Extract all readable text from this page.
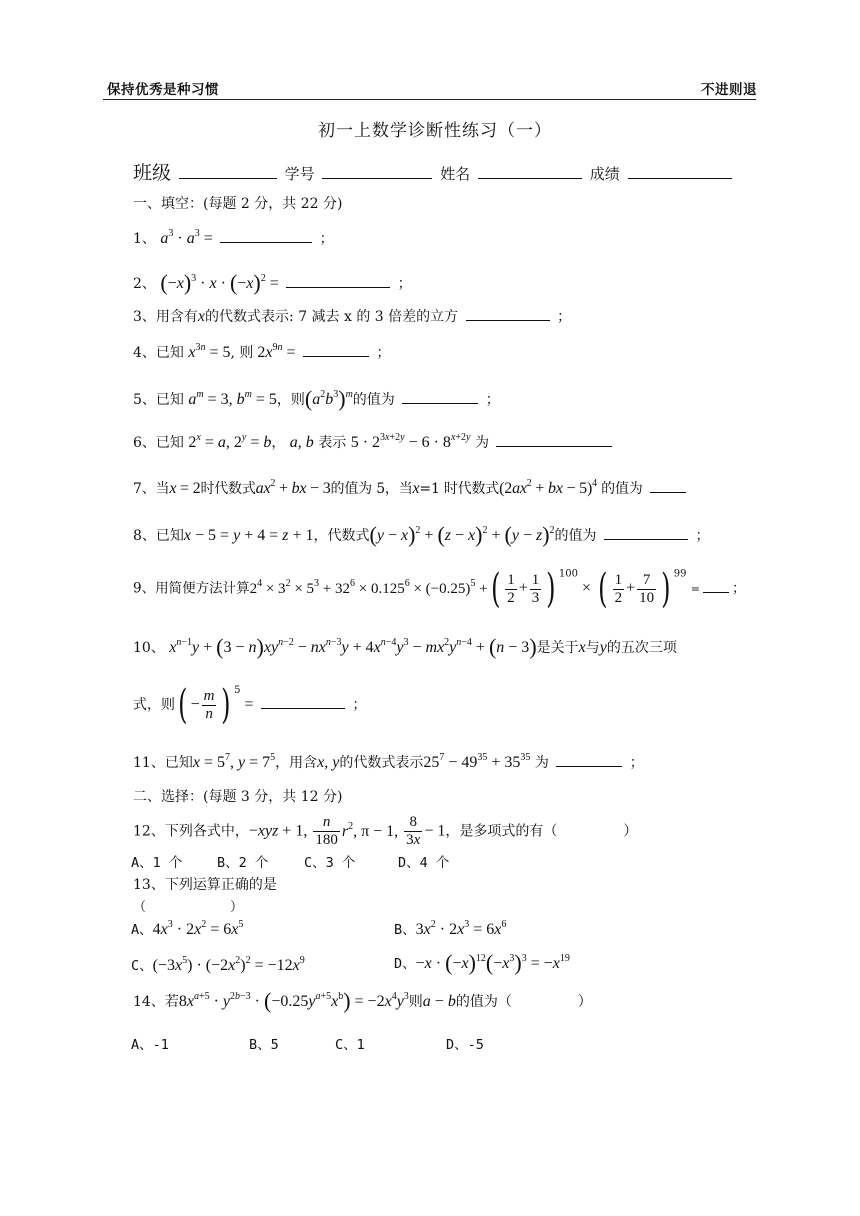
保持优秀是种习惯	不进则退
初一上数学诊断性练习（一）
班级	学号	姓名	成绩
一、填空：(每题 2 分，共 22 分)
1、 $a^3 \cdot a^3$ =	；
2、 $(-x)^3 \cdot x \cdot (-x)^2$ =	；
3、用含有x的代数式表示: 7 减去 x 的 3 倍差的立方	；
4、已知 $x^{3n} = 5$, 则 $2x^{9n}$ =	；
5、已知 $a^m = 3$, $b^m = 5$，则$(a^2b^3)^m$的值为	；
6、已知 $2^x = a$, $2^y = b$， a, b 表示 $5 \cdot 2^{3x+2y} - 6 \cdot 8^{x+2y}$ 为
7、当x = 2时代数式$ax^2$ + bx − 3的值为 5，当x=1 时代数式($2ax^2$ + bx − 5)$^4$ 的值为
8、已知x − 5 = y + 4 = z + 1，代数式$(y - x)^2 + (z - x)^2 + (y - z)^2$的值为	；
9、用简便方法计算$2^4 \times 3^2 \times 5^3 + 32^6 \times 0.125^6 \times (-0.25)^5$ +( $\frac{1}{2} + \frac{1}{3}$ ) $^{100}$ × ( $\frac{1}{2} + \frac{7}{10}$ ) $^{99}$ = ；
10、 $x^{n-1}y + (3 - n)xy^{n-2} - nx^{n-3}y + 4x^{n-4}y^3 - mx^2y^{n-4} + (n - 3)$是关于x与y的五次三项
式，则( − $\frac{m}{n}$ ) $^5$ =	；
11、已知$x = 5^7$, $y = 7^5$，用含x, y的代数式表示$25^7 - 49^{35} + 35^{35}$ 为	；
二、选择：(每题 3 分，共 12 分)
12、下列各式中，−xyz + 1, $\frac{n}{180} r^2$, π − 1, $\frac{8}{3x} - 1$，是多项式的有（	）
A、1 个	B、2 个	C、3 个	D、4 个
13、下列运算正确的是
（	）
A、$4x^3 \cdot 2x^2 = 6x^5$	B、$3x^2 \cdot 2x^3 = 6x^6$
C、$(-3x^5) \cdot (-2x^2)^2 = -12x^9$	D、$-x \cdot (-x)^{12}(-x^3)^3 = -x^{19}$
14、若$8x^{a+5} \cdot y^{2b-3} \cdot (-0.25y^{a+5}x^b) = -2x^4y^3$则a − b的值为（	）
A、-1	B、5	C、1	D、-5
